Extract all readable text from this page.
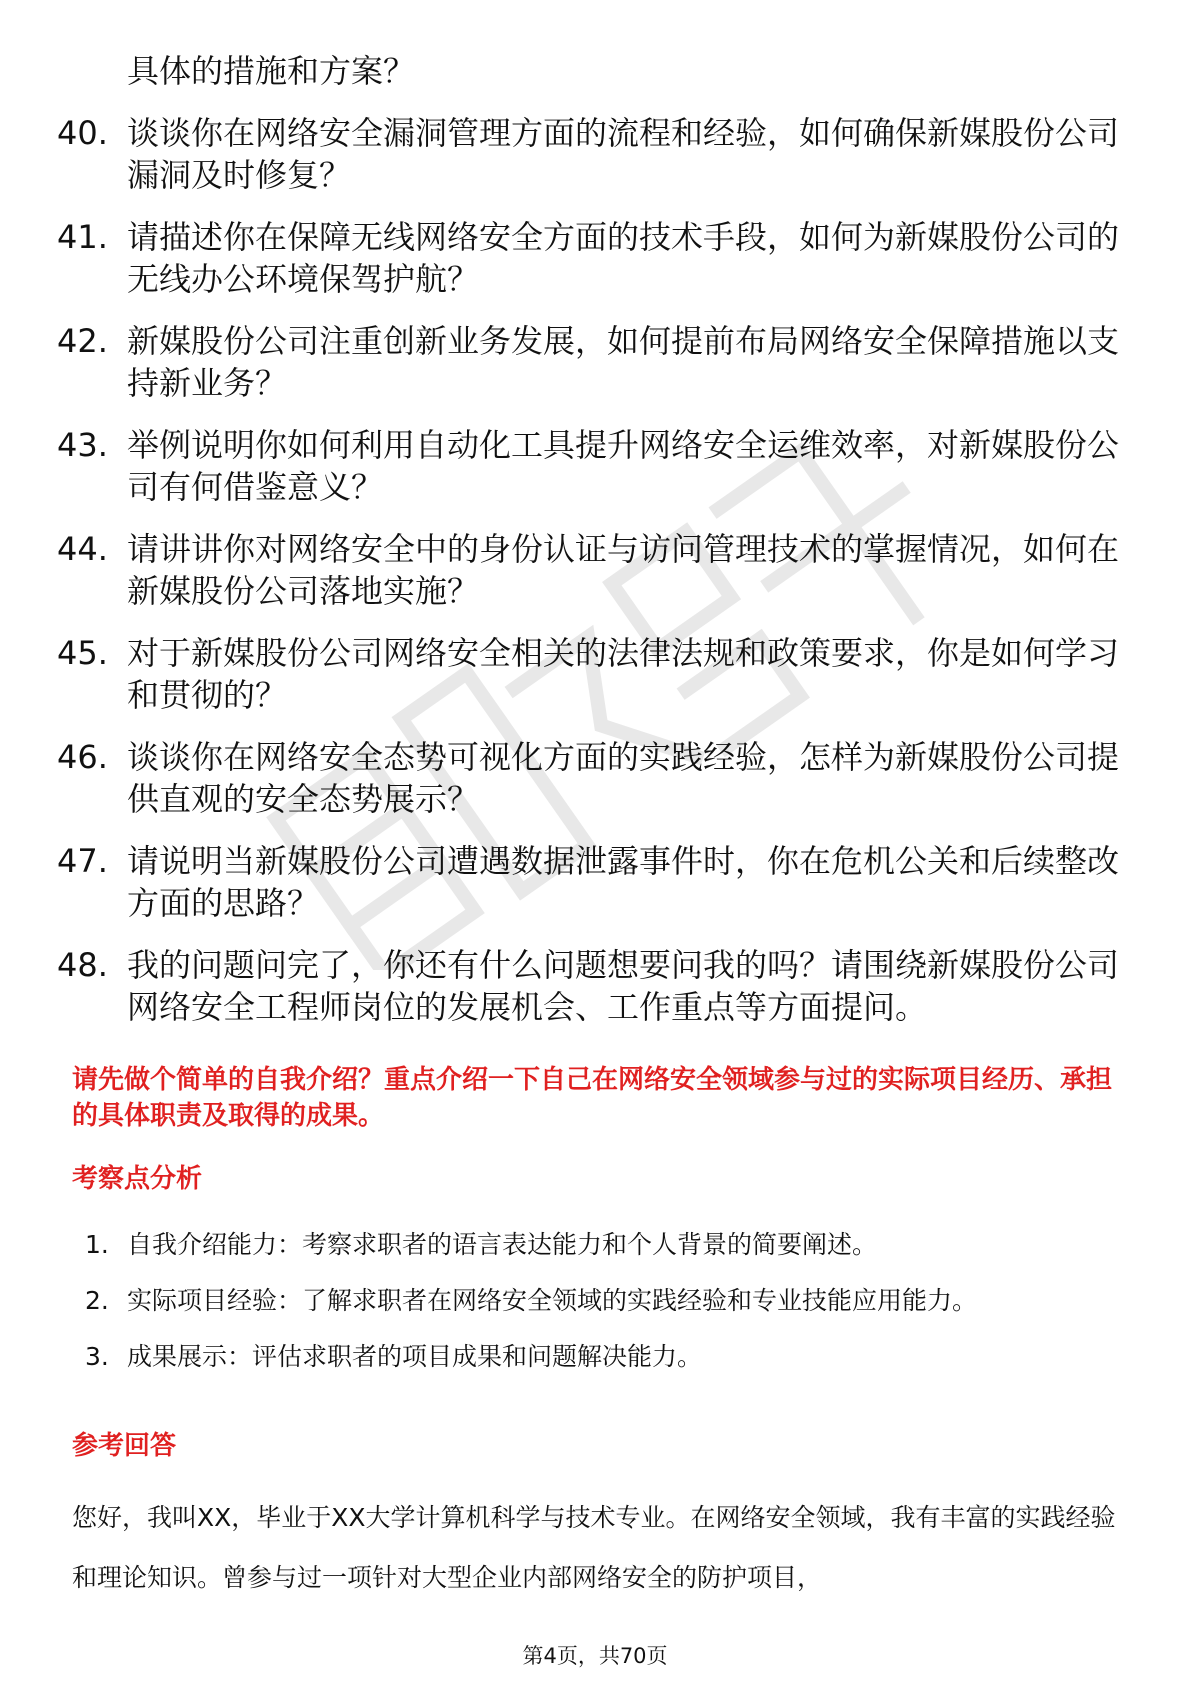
具体的措施和方案？
40. 谈谈你在网络安全漏洞管理方面的流程和经验，如何确保新媒股份公司漏洞及时修复？
41. 请描述你在保障无线网络安全方面的技术手段，如何为新媒股份公司的无线办公环境保驾护航？
42. 新媒股份公司注重创新业务发展，如何提前布局网络安全保障措施以支持新业务？
43. 举例说明你如何利用自动化工具提升网络安全运维效率，对新媒股份公司有何借鉴意义？
44. 请讲讲你对网络安全中的身份认证与访问管理技术的掌握情况，如何在新媒股份公司落地实施？
45. 对于新媒股份公司网络安全相关的法律法规和政策要求，你是如何学习和贯彻的？
46. 谈谈你在网络安全态势可视化方面的实践经验，怎样为新媒股份公司提供直观的安全态势展示？
47. 请说明当新媒股份公司遭遇数据泄露事件时，你在危机公关和后续整改方面的思路？
48. 我的问题问完了，你还有什么问题想要问我的吗？请围绕新媒股份公司网络安全工程师岗位的发展机会、工作重点等方面提问。
请先做个简单的自我介绍？重点介绍一下自己在网络安全领域参与过的实际项目经历、承担的具体职责及取得的成果。
考察点分析
1. 自我介绍能力：考察求职者的语言表达能力和个人背景的简要阐述。
2. 实际项目经验：了解求职者在网络安全领域的实践经验和专业技能应用能力。
3. 成果展示：评估求职者的项目成果和问题解决能力。
参考回答
您好，我叫XX，毕业于XX大学计算机科学与技术专业。在网络安全领域，我有丰富的实践经验和理论知识。曾参与过一项针对大型企业内部网络安全的防护项目，
第4页，共70页
